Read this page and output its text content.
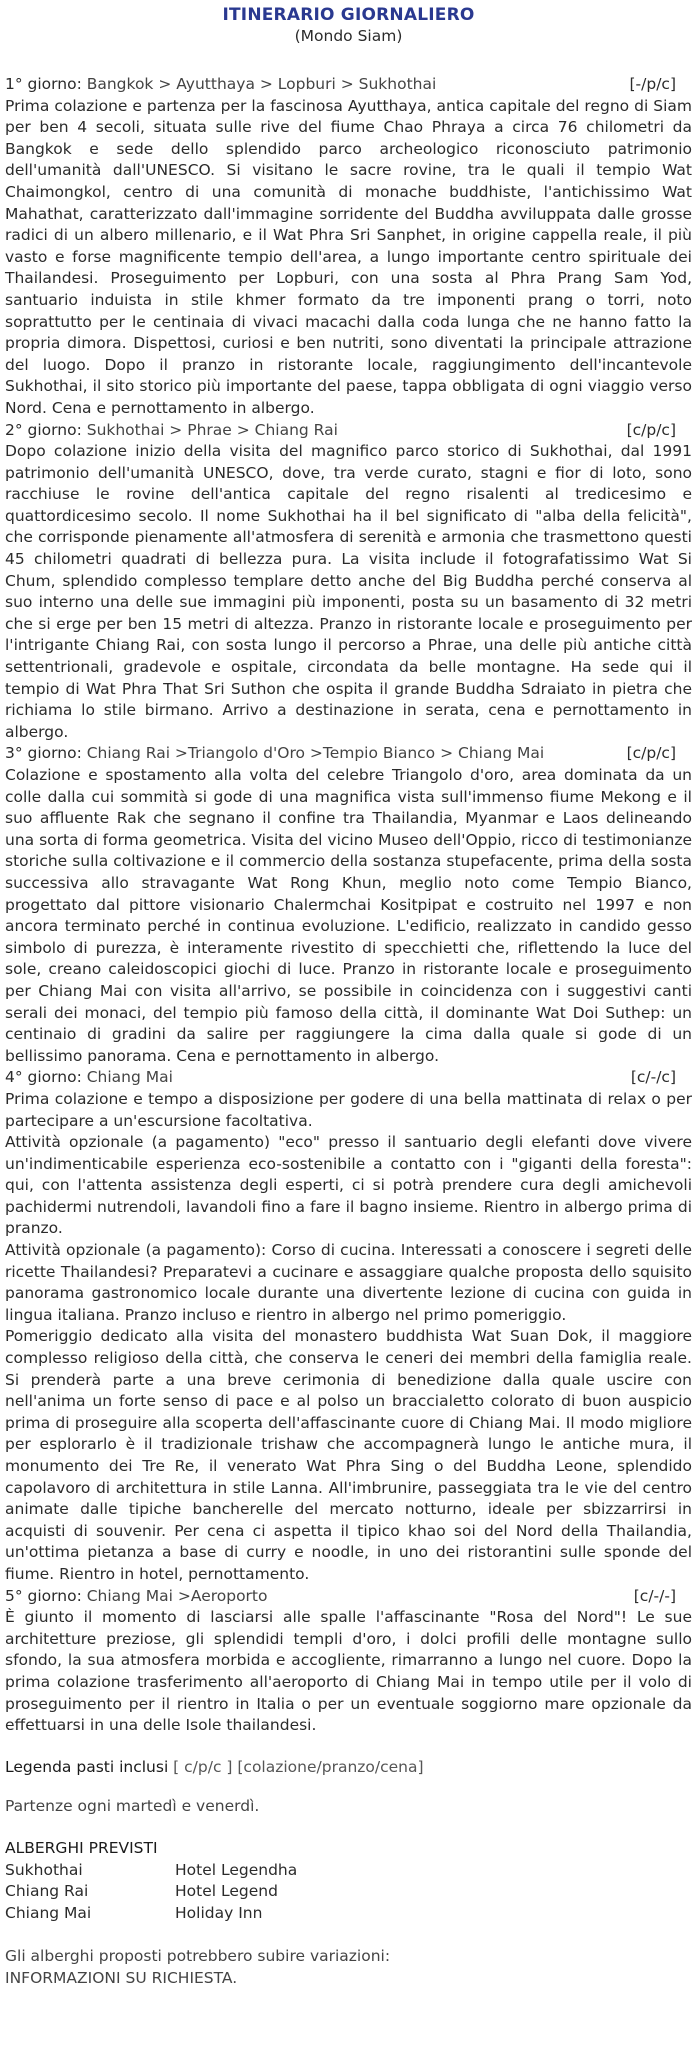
ITINERARIO GIORNALIERO
(Mondo Siam)
1° giorno: Bangkok > Ayutthaya > Lopburi > Sukhothai	[-/p/c]

Prima colazione e partenza per la fascinosa Ayutthaya, antica capitale del regno di Siam per ben 4 secoli, situata sulle rive del fiume Chao Phraya a circa 76 chilometri da Bangkok e sede dello splendido parco archeologico riconosciuto patrimonio dell'umanità dall'UNESCO. Si visitano le sacre rovine, tra le quali il tempio Wat Chaimongkol, centro di una comunità di monache buddhiste, l'antichissimo Wat Mahathat, caratterizzato dall'immagine sorridente del Buddha avviluppata dalle grosse radici di un albero millenario, e il Wat Phra Sri Sanphet, in origine cappella reale, il più vasto e forse magnificente tempio dell'area, a lungo importante centro spirituale dei Thailandesi. Proseguimento per Lopburi, con una sosta al Phra Prang Sam Yod, santuario induista in stile khmer formato da tre imponenti prang o torri, noto soprattutto per le centinaia di vivaci macachi dalla coda lunga che ne hanno fatto la propria dimora. Dispettosi, curiosi e ben nutriti, sono diventati la principale attrazione del luogo. Dopo il pranzo in ristorante locale, raggiungimento dell'incantevole Sukhothai, il sito storico più importante del paese, tappa obbligata di ogni viaggio verso Nord. Cena e pernottamento in albergo.

2° giorno: Sukhothai > Phrae > Chiang Rai	[c/p/c]

Dopo colazione inizio della visita del magnifico parco storico di Sukhothai, dal 1991 patrimonio dell'umanità UNESCO, dove, tra verde curato, stagni e fior di loto, sono racchiuse le rovine dell'antica capitale del regno risalenti al tredicesimo e quattordicesimo secolo. Il nome Sukhothai ha il bel significato di "alba della felicità", che corrisponde pienamente all'atmosfera di serenità e armonia che trasmettono questi 45 chilometri quadrati di bellezza pura. La visita include il fotografatissimo Wat Si Chum, splendido complesso templare detto anche del Big Buddha perché conserva al suo interno una delle sue immagini più imponenti, posta su un basamento di 32 metri che si erge per ben 15 metri di altezza. Pranzo in ristorante locale e proseguimento per l'intrigante Chiang Rai, con sosta lungo il percorso a Phrae, una delle più antiche città settentrionali, gradevole e ospitale, circondata da belle montagne. Ha sede qui il tempio di Wat Phra That Sri Suthon che ospita il grande Buddha Sdraiato in pietra che richiama lo stile birmano. Arrivo a destinazione in serata, cena e pernottamento in albergo.

3° giorno: Chiang Rai >Triangolo d'Oro >Tempio Bianco > Chiang Mai	[c/p/c]

Colazione e spostamento alla volta del celebre Triangolo d'oro, area dominata da un colle dalla cui sommità si gode di una magnifica vista sull'immenso fiume Mekong e il suo affluente Rak che segnano il confine tra Thailandia, Myanmar e Laos delineando una sorta di forma geometrica. Visita del vicino Museo dell'Oppio, ricco di testimonianze storiche sulla coltivazione e il commercio della sostanza stupefacente, prima della sosta successiva allo stravagante Wat Rong Khun, meglio noto come Tempio Bianco, progettato dal pittore visionario Chalermchai Kositpipat e costruito nel 1997 e non ancora terminato perché in continua evoluzione. L'edificio, realizzato in candido gesso simbolo di purezza, è interamente rivestito di specchietti che, riflettendo la luce del sole, creano caleidoscopici giochi di luce. Pranzo in ristorante locale e proseguimento per Chiang Mai con visita all'arrivo, se possibile in coincidenza con i suggestivi canti serali dei monaci, del tempio più famoso della città, il dominante Wat Doi Suthep: un centinaio di gradini da salire per raggiungere la cima dalla quale si gode di un bellissimo panorama. Cena e pernottamento in albergo.

4° giorno: Chiang Mai	[c/-/c]

Prima colazione e tempo a disposizione per godere di una bella mattinata di relax o per partecipare a un'escursione facoltativa.

Attività opzionale (a pagamento) "eco" presso il santuario degli elefanti dove vivere un'indimenticabile esperienza eco-sostenibile a contatto con i "giganti della foresta": qui, con l'attenta assistenza degli esperti, ci si potrà prendere cura degli amichevoli pachidermi nutrendoli, lavandoli fino a fare il bagno insieme. Rientro in albergo prima di pranzo.

Attività opzionale (a pagamento): Corso di cucina. Interessati a conoscere i segreti delle ricette Thailandesi? Preparatevi a cucinare e assaggiare qualche proposta dello squisito panorama gastronomico locale durante una divertente lezione di cucina con guida in lingua italiana. Pranzo incluso e rientro in albergo nel primo pomeriggio.

Pomeriggio dedicato alla visita del monastero buddhista Wat Suan Dok, il maggiore complesso religioso della città, che conserva le ceneri dei membri della famiglia reale. Si prenderà parte a una breve cerimonia di benedizione dalla quale uscire con nell'anima un forte senso di pace e al polso un braccialetto colorato di buon auspicio prima di proseguire alla scoperta dell'affascinante cuore di Chiang Mai. Il modo migliore per esplorarlo è il tradizionale trishaw che accompagnerà lungo le antiche mura, il monumento dei Tre Re, il venerato Wat Phra Sing o del Buddha Leone, splendido capolavoro di architettura in stile Lanna. All'imbrunire, passeggiata tra le vie del centro animate dalle tipiche bancherelle del mercato notturno, ideale per sbizzarrirsi in acquisti di souvenir. Per cena ci aspetta il tipico khao soi del Nord della Thailandia, un'ottima pietanza a base di curry e noodle, in uno dei ristorantini sulle sponde del fiume. Rientro in hotel, pernottamento.

5° giorno: Chiang Mai >Aeroporto	[c/-/-]

È giunto il momento di lasciarsi alle spalle l'affascinante "Rosa del Nord"! Le sue architetture preziose, gli splendidi templi d'oro, i dolci profili delle montagne sullo sfondo, la sua atmosfera morbida e accogliente, rimarranno a lungo nel cuore. Dopo la prima colazione trasferimento all'aeroporto di Chiang Mai in tempo utile per il volo di proseguimento per il rientro in Italia o per un eventuale soggiorno mare opzionale da effettuarsi in una delle Isole thailandesi.

Legenda pasti inclusi [ c/p/c ] [colazione/pranzo/cena]
Partenze ogni martedì e venerdì.
ALBERGHI PREVISTI
Sukhothai	Hotel Legendha
Chiang Rai	Hotel Legend
Chiang Mai	Holiday Inn
Gli alberghi proposti potrebbero subire variazioni:
INFORMAZIONI SU RICHIESTA.
